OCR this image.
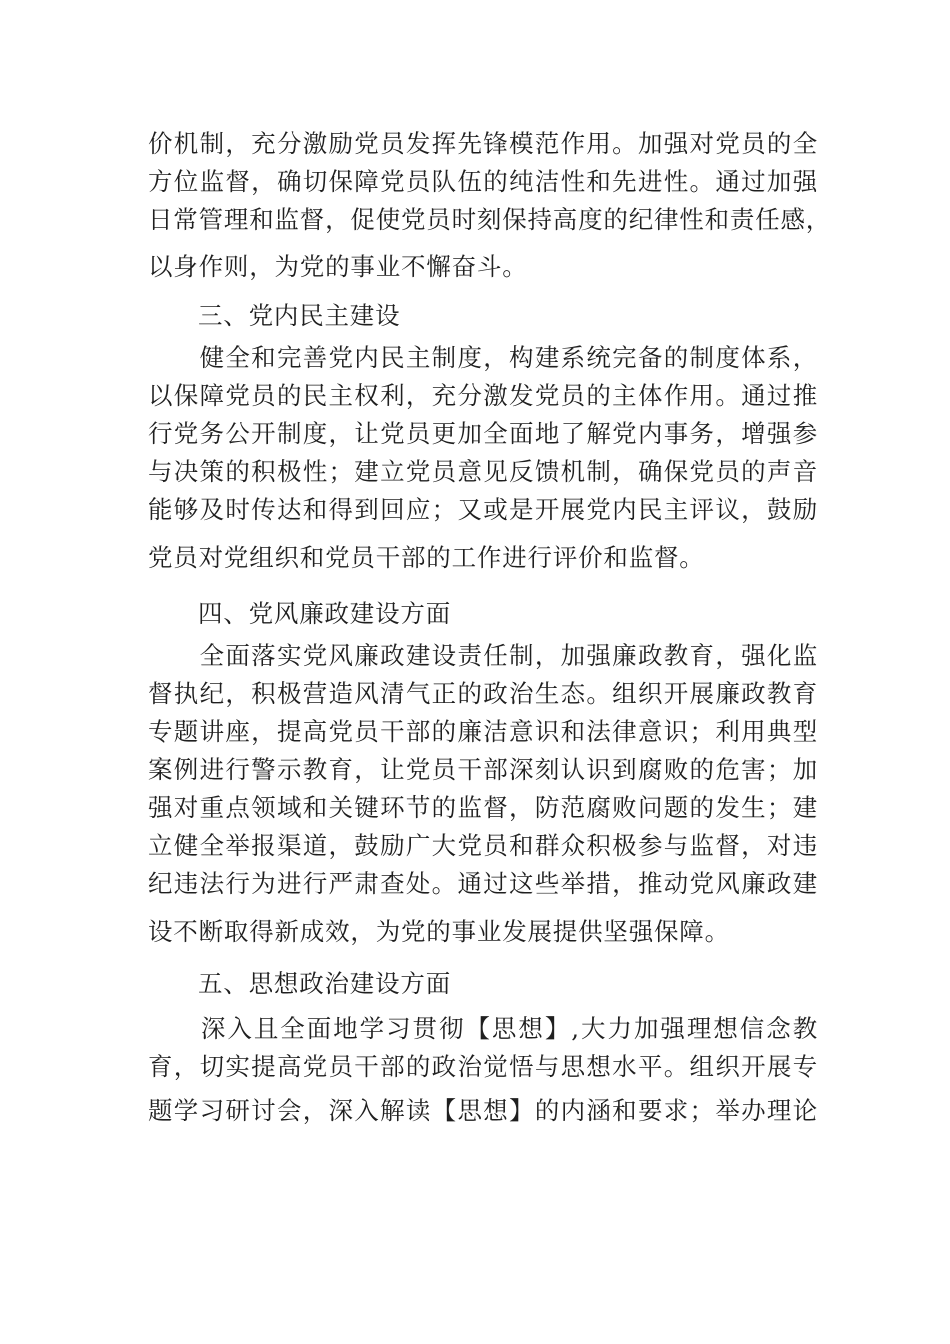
价机制，充分激励党员发挥先锋模范作用。加强对党员的全
方位监督，确切保障党员队伍的纯洁性和先进性。通过加强
日常管理和监督，促使党员时刻保持高度的纪律性和责任感，
以身作则，为党的事业不懈奋斗。
三、党内民主建设
　　健全和完善党内民主制度，构建系统完备的制度体系，
以保障党员的民主权利，充分激发党员的主体作用。通过推
行党务公开制度，让党员更加全面地了解党内事务，增强参
与决策的积极性；建立党员意见反馈机制，确保党员的声音
能够及时传达和得到回应；又或是开展党内民主评议，鼓励
党员对党组织和党员干部的工作进行评价和监督。
四、党风廉政建设方面
　　全面落实党风廉政建设责任制，加强廉政教育，强化监
督执纪，积极营造风清气正的政治生态。组织开展廉政教育
专题讲座，提高党员干部的廉洁意识和法律意识；利用典型
案例进行警示教育，让党员干部深刻认识到腐败的危害；加
强对重点领域和关键环节的监督，防范腐败问题的发生；建
立健全举报渠道，鼓励广大党员和群众积极参与监督，对违
纪违法行为进行严肃查处。通过这些举措，推动党风廉政建
设不断取得新成效，为党的事业发展提供坚强保障。
五、思想政治建设方面
　　深入且全面地学习贯彻【思想】,大力加强理想信念教
育，切实提高党员干部的政治觉悟与思想水平。组织开展专
题学习研讨会，深入解读【思想】的内涵和要求；举办理论
